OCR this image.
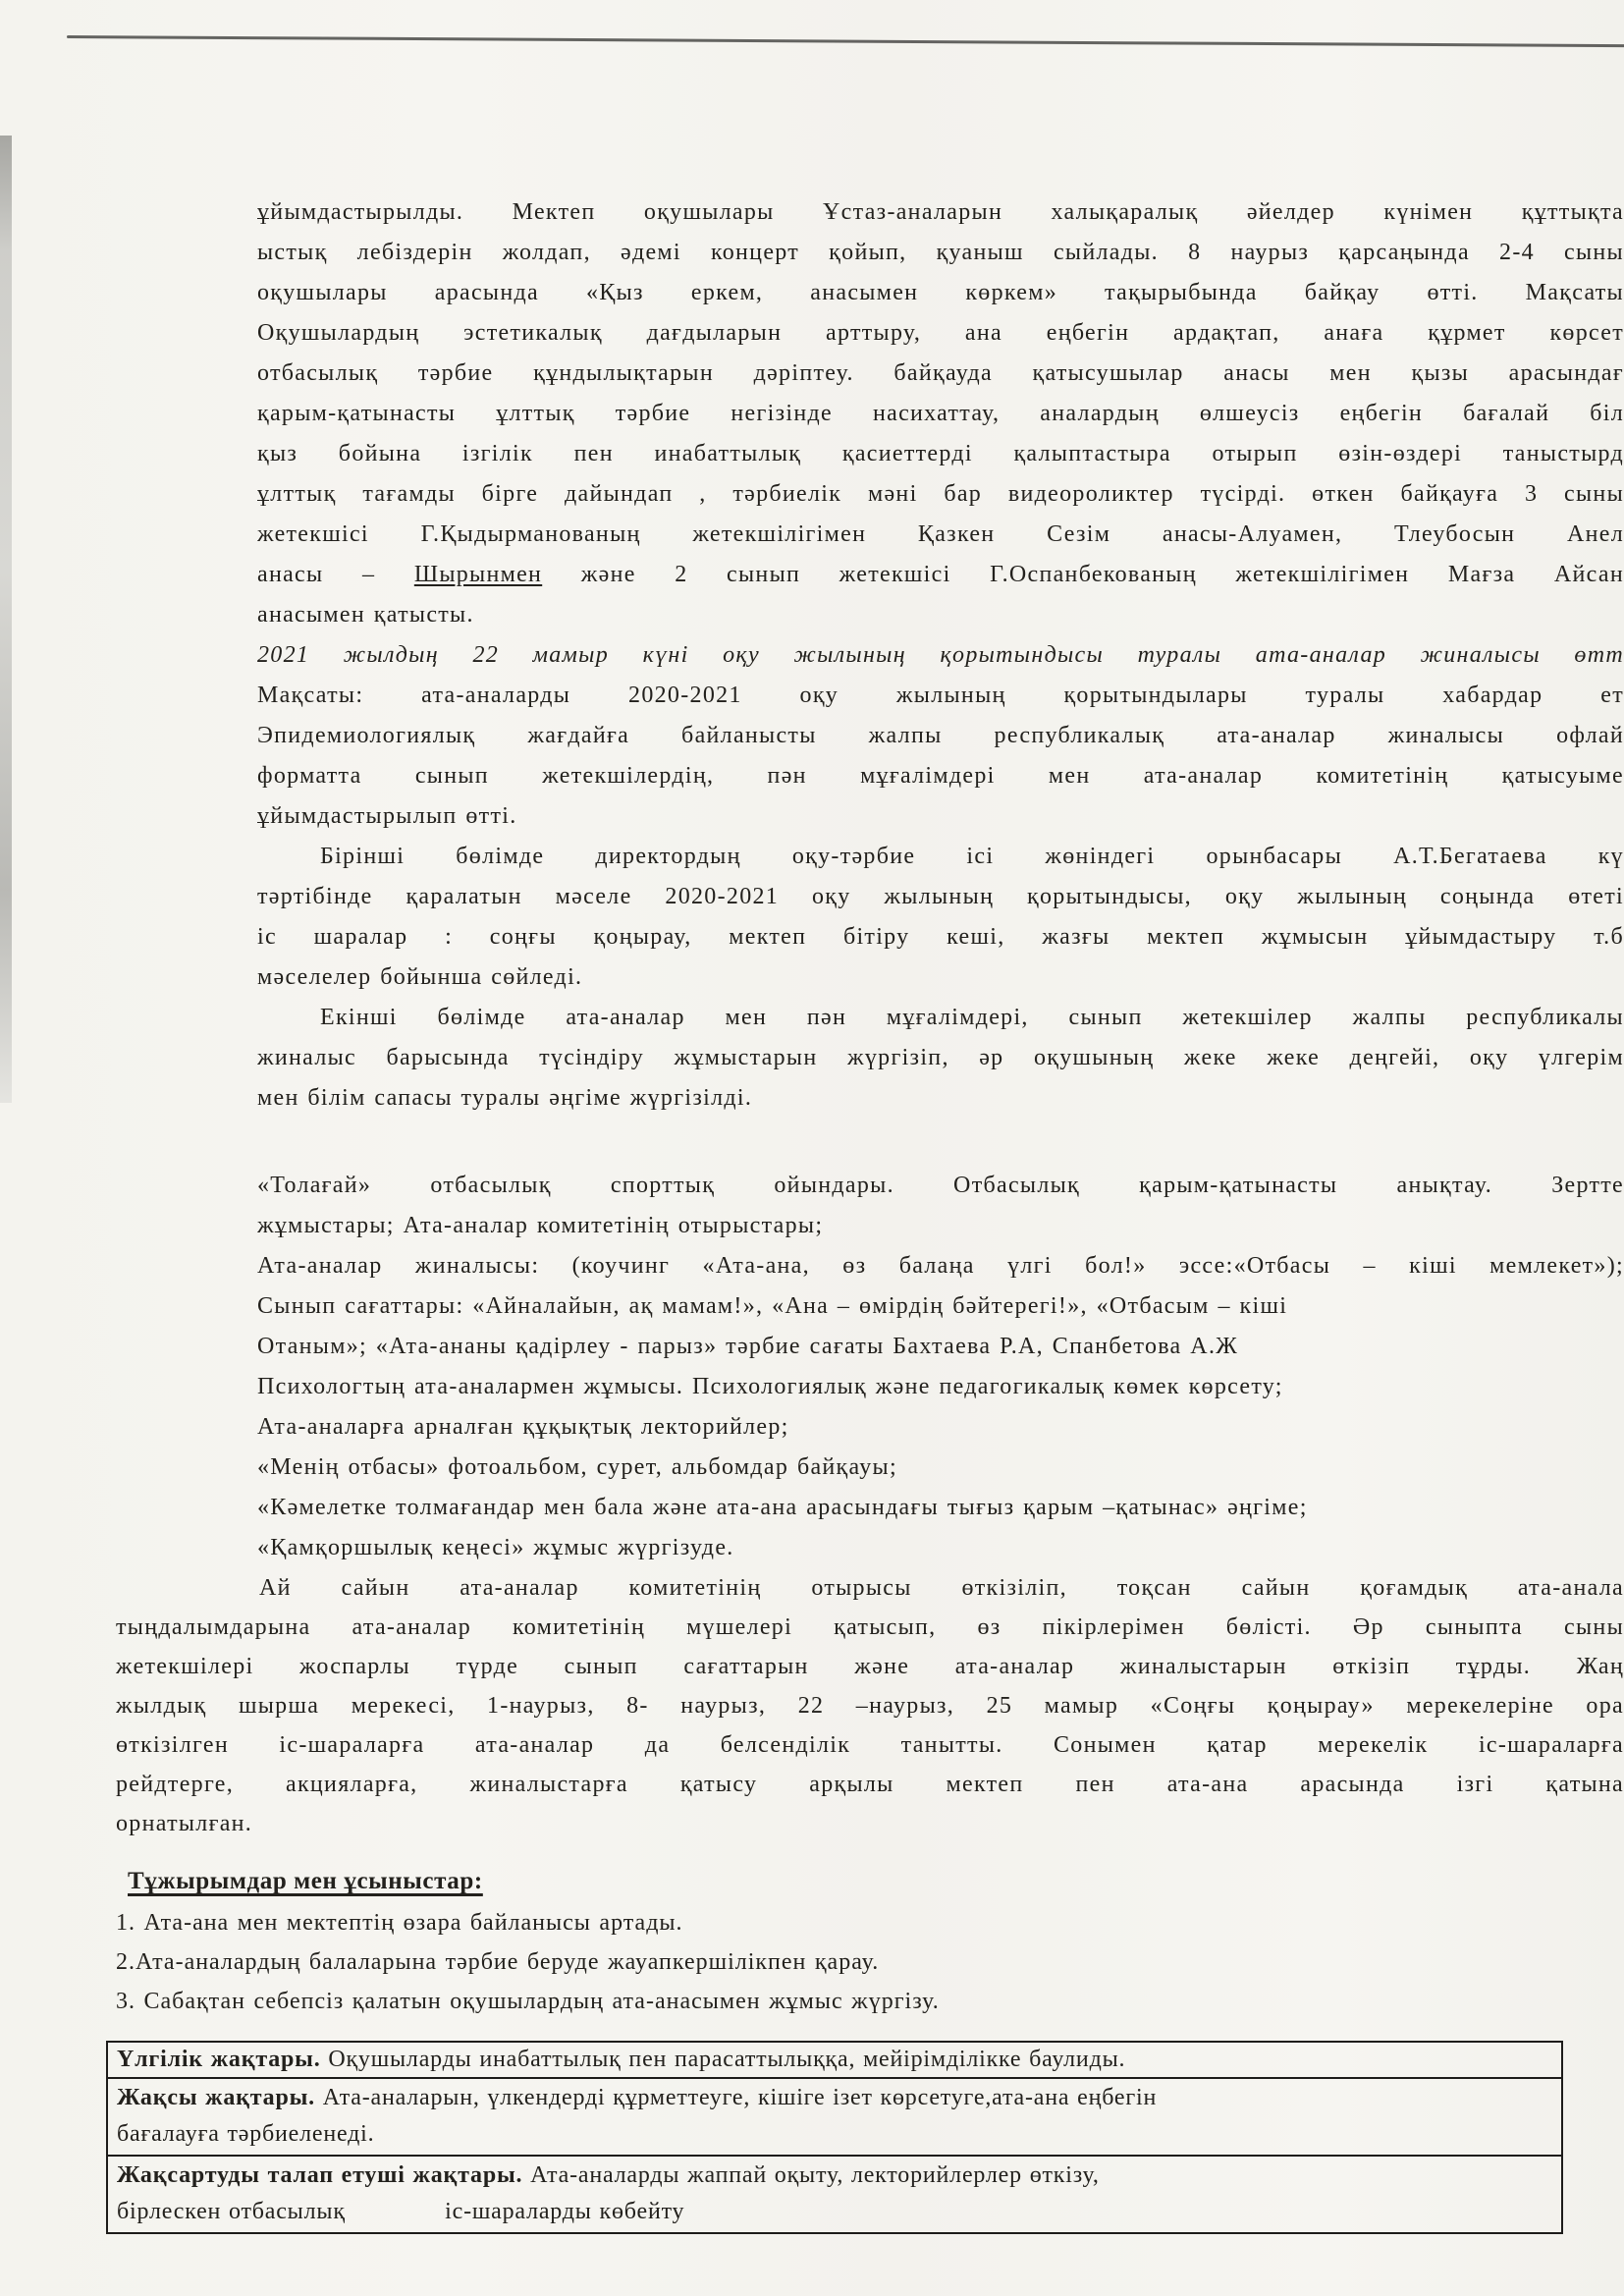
ұйымдастырылды. Мектеп оқушылары Ұстаз-аналарын халықаралық әйелдер күнімен құттықта
ыстық лебіздерін жолдап, әдемі концерт қойып, қуаныш сыйлады. 8 наурыз қарсаңында 2-4 сыны
оқушылары арасында «Қыз еркем, анасымен көркем» тақырыбында байқау өтті. Мақсаты
Оқушылардың эстетикалық дағдыларын арттыру, ана еңбегін ардақтап, анаға құрмет көрсет
отбасылық тәрбие құндылықтарын дәріптеу. байқауда қатысушылар анасы мен қызы арасындағ
қарым-қатынасты ұлттық тәрбие негізінде насихаттау, аналардың өлшеусіз еңбегін бағалай біл
қыз бойына ізгілік пен инабаттылық қасиеттерді қалыптастыра отырып өзін-өздері таныстырд
ұлттық тағамды бірге дайындап , тәрбиелік мәні бар видеороликтер түсірді. өткен байқауға 3 сыны
жетекшісі Г.Қыдырманованың жетекшілігімен Қазкен Сезім анасы-Алуамен, Тлеубосын Анел
анасы – Шырынмен және 2 сынып жетекшісі Г.Оспанбекованың жетекшілігімен Мағза Айсан
анасымен қатысты.
2021 жылдың 22 мамыр күні оқу жылының қорытындысы туралы ата-аналар жиналысы өтт
Мақсаты: ата-аналарды 2020-2021 оқу жылының қорытындылары туралы хабардар ет
Эпидемиологиялық жағдайға байланысты жалпы республикалық ата-аналар жиналысы офлай
форматта сынып жетекшілердің, пән мұғалімдері мен ата-аналар комитетінің қатысуыме
ұйымдастырылып өтті.
Бірінші бөлімде директордың оқу-тәрбие ісі жөніндегі орынбасары А.Т.Бегатаева кү
тәртібінде қаралатын мәселе 2020-2021 оқу жылының қорытындысы, оқу жылының соңында өтеті
іс шаралар : соңғы қоңырау, мектеп бітіру кеші, жазғы мектеп жұмысын ұйымдастыру т.б
мәселелер бойынша сөйледі.
Екінші бөлімде ата-аналар мен пән мұғалімдері, сынып жетекшілер жалпы республикалы
жиналыс барысында түсіндіру жұмыстарын жүргізіп, әр оқушының жеке жеке деңгейі, оқу үлгерім
мен білім сапасы туралы әңгіме жүргізілді.
«Толағай» отбасылық спорттық ойындары. Отбасылық қарым-қатынасты анықтау. Зертте
жұмыстары; Ата-аналар комитетінің отырыстары;
Ата-аналар жиналысы: (коучинг «Ата-ана, өз балаңа үлгі бол!» эссе:«Отбасы – кіші мемлекет»);
Сынып сағаттары: «Айналайын, ақ мамам!», «Ана – өмірдің бәйтерегі!», «Отбасым – кіші
Отаным»; «Ата-ананы қадірлеу - парыз» тәрбие сағаты Бахтаева Р.А, Спанбетова А.Ж
Психологтың ата-аналармен жұмысы. Психологиялық және педагогикалық көмек көрсету;
Ата-аналарға арналған құқықтық лекторийлер;
«Менің отбасы» фотоальбом, сурет, альбомдар байқауы;
«Кәмелетке толмағандар мен бала және ата-ана арасындағы тығыз қарым –қатынас» әңгіме;
«Қамқоршылық кеңесі» жұмыс жүргізуде.
Ай сайын ата-аналар комитетінің отырысы өткізіліп, тоқсан сайын қоғамдық ата-анала
тыңдалымдарына ата-аналар комитетінің мүшелері қатысып, өз пікірлерімен бөлісті. Әр сыныпта сыны
жетекшілері жоспарлы түрде сынып сағаттарын және ата-аналар жиналыстарын өткізіп тұрды. Жаң
жылдық шырша мерекесі, 1-наурыз, 8- наурыз, 22 –наурыз, 25 мамыр «Соңғы қоңырау» мерекелеріне ора
өткізілген іс-шараларға ата-аналар да белсенділік танытты. Сонымен қатар мерекелік іс-шараларға
рейдтерге, акцияларға, жиналыстарға қатысу арқылы мектеп пен ата-ана арасында ізгі қатына
орнатылған.
Тұжырымдар мен ұсыныстар:
1. Ата-ана мен мектептің өзара байланысы артады.
2.Ата-аналардың балаларына тәрбие беруде жауапкершілікпен қарау.
3. Сабақтан себепсіз қалатын оқушылардың ата-анасымен жұмыс жүргізу.
Үлгілік жақтары. Оқушыларды инабаттылық пен парасаттылыққа, мейірімділікке баулиды.
Жақсы жақтары. Ата-аналарын, үлкендерді құрметтеуге, кішіге ізет көрсетуге,ата-ана еңбегін
бағалауға тәрбиеленеді.
Жақсартуды талап етуші жақтары. Ата-аналарды жаппай оқыту, лекторийлерлер өткізу,
бірлескен отбасылық             іс-шараларды көбейту
